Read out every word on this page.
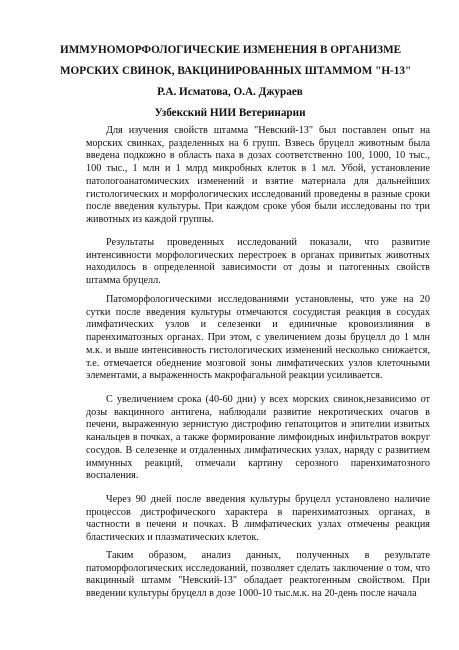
ИММУНОМОРФОЛОГИЧЕСКИЕ ИЗМЕНЕНИЯ В ОРГАНИЗМЕ
МОРСКИХ СВИНОК, ВАКЦИНИРОВАННЫХ ШТАММОМ "Н-13"
Р.А. Исматова, О.А. Джураев
Узбекский НИИ Ветеринарии

Для изучения свойств штамма "Невский-13" был поставлен опыт на морских свинках, разделенных на 6 групп. Взвесь бруцелл животным была введена подкожно в область паха в дозах соответственно 100, 1000, 10 тыс., 100 тыс., 1 млн и 1 млрд микробных клеток в 1 мл. Убой, установление патологоанатомических изменений и взятие материала для дальнейших гистологических и морфологических исследований проведены в разные сроки после введения культуры. При каждом сроке убоя были исследованы по три животных из каждой группы.

Результаты проведенных исследований показали, что развитие интенсивности морфологических перестроек в органах привитых животных находилось в определенной зависимости от дозы и патогенных свойств штамма бруцелл.

Патоморфологическими исследованиями установлены, что уже на 20 сутки после введения культуры отмечаются сосудистая реакция в сосудах лимфатических узлов и селезенки и единичные кровоизлияния в паренхиматозных органах. При этом, с увеличением дозы бруцелл до 1 млн м.к. и выше интенсивность гистологических изменений несколько снижается, т.е. отмечается обеднение мозговой зоны лимфатических узлов клеточными элементами, а выраженность макрофагальной реакции усиливается.

С увеличением срока (40-60 дни) у всех морских свинок,независимо от дозы вакцинного антигена, наблюдали развитие некротических очагов в печени, выраженную зернистую дистрофию гепатоцитов и эпителии извитых канальцев в почках, а также формирование лимфоидных инфильтратов вокруг сосудов. В селезенке и отдаленных лимфатических узлах, наряду с развитием иммунных реакций, отмечали картину серозного паренхиматозного воспаления.

Через 90 дней после введения культуры бруцелл установлено наличие процессов дистрофического характера в паренхиматозных органах, в частности в печени и почках. В лимфатических узлах отмечены реакция бластических и плазматических клеток.

Таким образом, анализ данных, полученных в результате патоморфологических исследований, позволяет сделать заключение о том, что вакцинный штамм "Невский-13" обладает реактогенным свойством. При введении культуры бруцелл в дозе 1000-10 тыс.м.к. на 20-день после начала
